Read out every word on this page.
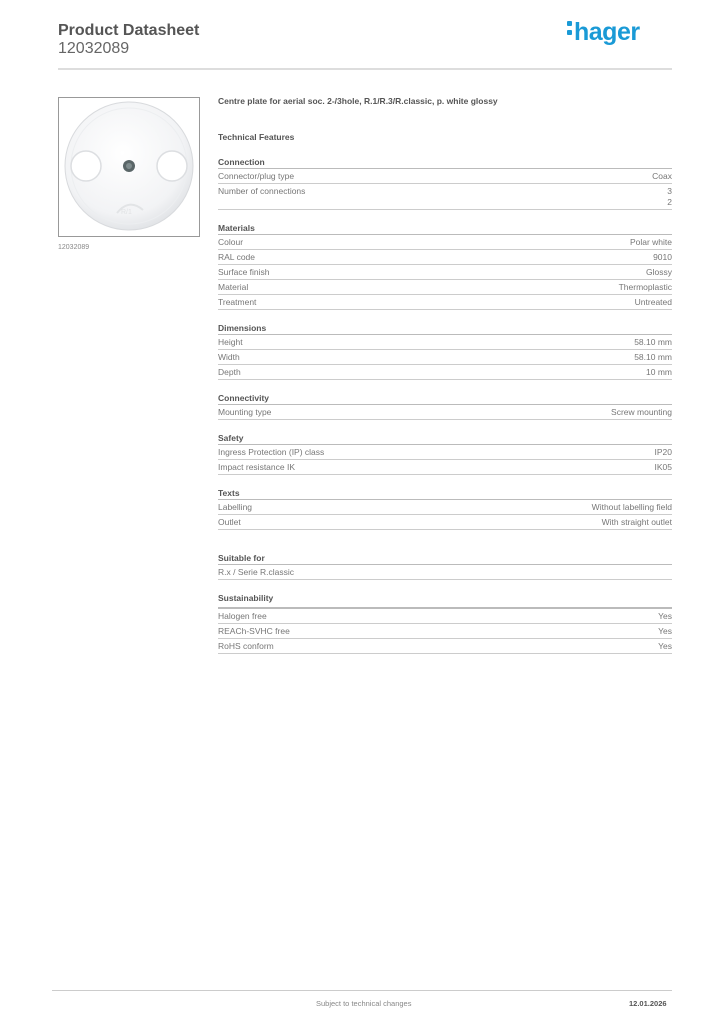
Product Datasheet
12032089
hager
R/1
12032089
Centre plate for aerial soc. 2-/3hole, R.1/R.3/R.classic, p. white glossy
Technical Features
Connection
Connector/plug type	Coax
Number of connections	3
2
Materials
Colour	Polar white
RAL code	9010
Surface finish	Glossy
Material	Thermoplastic
Treatment	Untreated
Dimensions
Height	58.10 mm
Width	58.10 mm
Depth	10 mm
Connectivity
Mounting type	Screw mounting
Safety
Ingress Protection (IP) class	IP20
Impact resistance IK	IK05
Texts
Labelling	Without labelling field
Outlet	With straight outlet
Suitable for
R.x / Serie R.classic
Sustainability
Halogen free	Yes
REACh-SVHC free	Yes
RoHS conform	Yes
Subject to technical changes	12.01.2026
